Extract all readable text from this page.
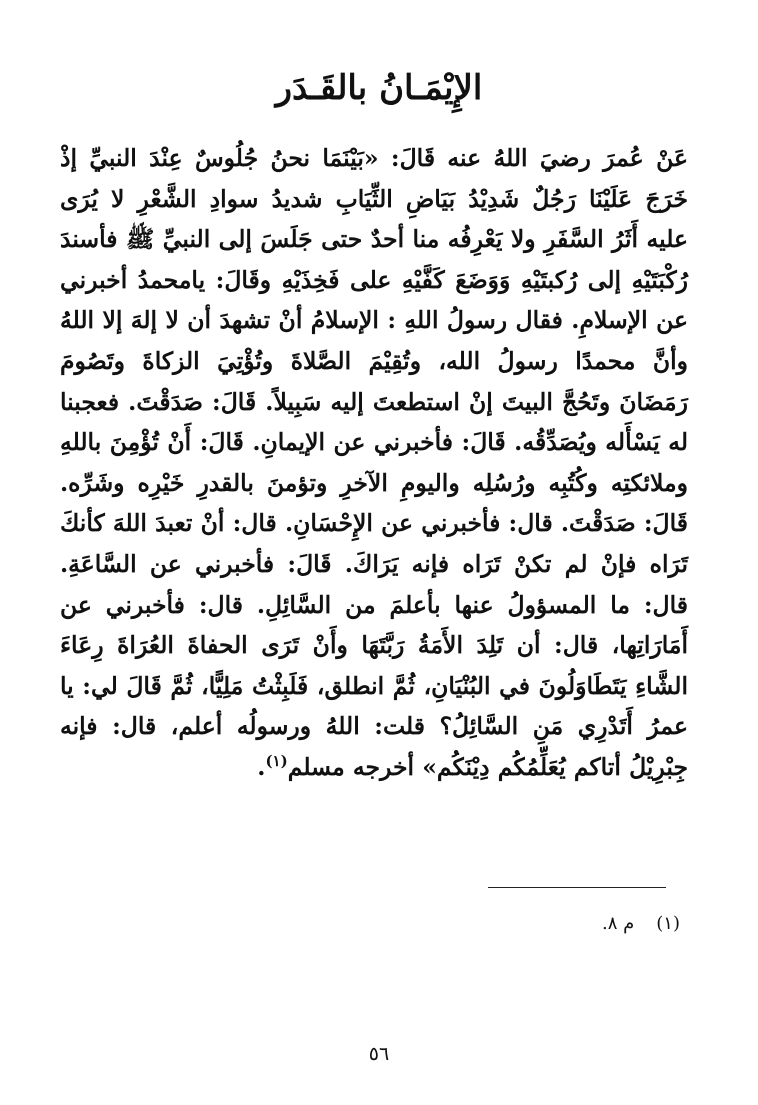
الإِيْمَـانُ بالقَـدَر

عَنْ عُمرَ رضيَ اللهُ عنه قَالَ: «بَيْنَمَا نحنُ جُلُوسٌ عِنْدَ النبيِّ إذْ خَرَجَ عَلَيْنَا رَجُلٌ شَدِيْدُ بَيَاضِ الثِّيَابِ شديدُ سوادِ الشَّعْرِ لا يُرَى عليه أَثَرُ السَّفَرِ ولا يَعْرِفُه منا أحدٌ حتى جَلَسَ إلى النبيِّ ﷺ فأسندَ رُكْبَتَيْهِ إلى رُكبتَيْهِ وَوَضَعَ كَفَّيْهِ على فَخِذَيْهِ وقَالَ: يامحمدُ أخبرني عن الإسلامِ. فقال رسولُ اللهِ : الإسلامُ أنْ تشهدَ أن لا إلهَ إلا اللهُ وأنَّ محمدًا رسولُ الله، وتُقِيْمَ الصَّلاةَ وتُؤْتِيَ الزكاةَ وتَصُومَ رَمَضَانَ وتَحُجَّ البيتَ إنْ استطعتَ إليه سَبِيلاً. قَالَ: صَدَقْتَ. فعجبنا له يَسْأَله ويُصَدِّقُه. قَالَ: فأخبرني عن الإيمانِ. قَالَ: أَنْ تُؤْمِنَ باللهِ وملائكتِه وكُتُبِه ورُسُلِه واليومِ الآخرِ وتؤمنَ بالقدرِ خَيْرِه وشَرِّه. قَالَ: صَدَقْتَ. قال: فأخبرني عن الإِحْسَانِ. قال: أنْ تعبدَ اللهَ كأنكَ تَرَاه فإنْ لم تكنْ تَرَاه فإنه يَرَاكَ. قَالَ: فأخبرني عن السَّاعَةِ. قال: ما المسؤولُ عنها بأعلمَ من السَّائِلِ. قال: فأخبرني عن أَمَارَاتِها، قال: أن تَلِدَ الأَمَةُ رَبَّتَهَا وأَنْ تَرَى الحفاةَ العُرَاةَ رِعَاءَ الشَّاءِ يَتَطَاوَلُونَ في البُنْيَانِ، ثُمَّ انطلق، فَلَبِثْتُ مَلِيًّا، ثُمَّ قَالَ لي: يا عمرُ أَتَدْرِي مَنِ السَّائِلُ؟ قلت: اللهُ ورسولُه أعلم، قال: فإنه جِبْرِيْلُ أتاكم يُعَلِّمُكُم دِيْنَكُم» أخرجه مسلم$^{(١)}$.

(١)م ٨.

٥٦
